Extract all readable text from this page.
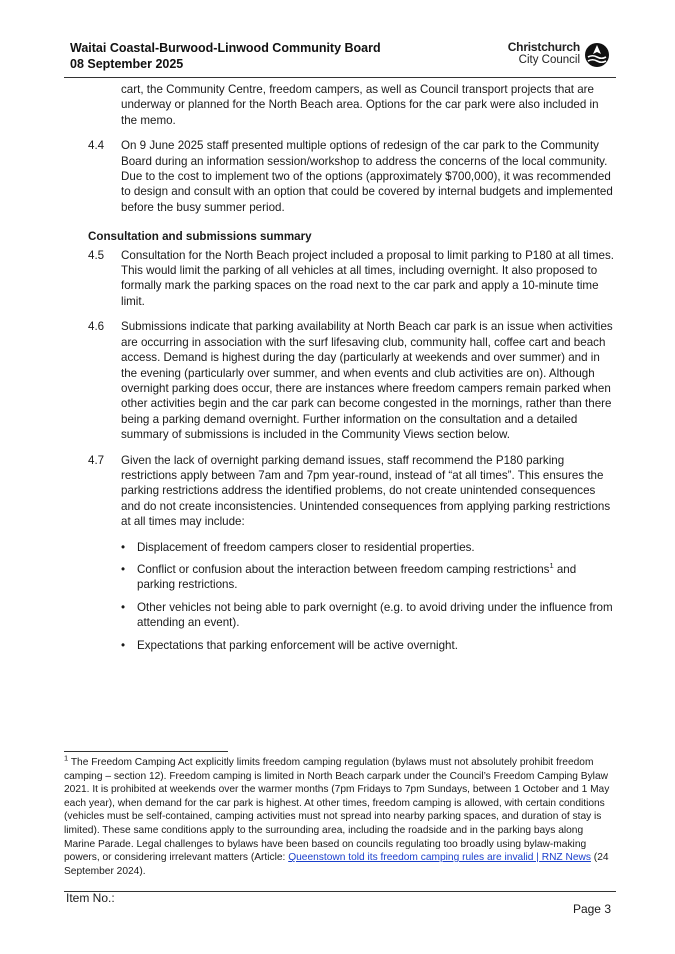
Waitai Coastal-Burwood-Linwood Community Board
08 September 2025
Christchurch
City Council

cart, the Community Centre, freedom campers, as well as Council transport projects that are underway or planned for the North Beach area. Options for the car park were also included in the memo.

4.4 On 9 June 2025 staff presented multiple options of redesign of the car park to the Community Board during an information session/workshop to address the concerns of the local community. Due to the cost to implement two of the options (approximately $700,000), it was recommended to design and consult with an option that could be covered by internal budgets and implemented before the busy summer period.
Consultation and submissions summary
4.5 Consultation for the North Beach project included a proposal to limit parking to P180 at all times. This would limit the parking of all vehicles at all times, including overnight. It also proposed to formally mark the parking spaces on the road next to the car park and apply a 10-minute time limit.
4.6 Submissions indicate that parking availability at North Beach car park is an issue when activities are occurring in association with the surf lifesaving club, community hall, coffee cart and beach access. Demand is highest during the day (particularly at weekends and over summer) and in the evening (particularly over summer, and when events and club activities are on). Although overnight parking does occur, there are instances where freedom campers remain parked when other activities begin and the car park can become congested in the mornings, rather than there being a parking demand overnight. Further information on the consultation and a detailed summary of submissions is included in the Community Views section below.
4.7 Given the lack of overnight parking demand issues, staff recommend the P180 parking restrictions apply between 7am and 7pm year-round, instead of “at all times”. This ensures the parking restrictions address the identified problems, do not create unintended consequences and do not create inconsistencies. Unintended consequences from applying parking restrictions at all times may include:
• Displacement of freedom campers closer to residential properties.
• Conflict or confusion about the interaction between freedom camping restrictions$^1$ and parking restrictions.
• Other vehicles not being able to park overnight (e.g. to avoid driving under the influence from attending an event).
• Expectations that parking enforcement will be active overnight.
$^1$ The Freedom Camping Act explicitly limits freedom camping regulation (bylaws must not absolutely prohibit freedom camping – section 12). Freedom camping is limited in North Beach carpark under the Council’s Freedom Camping Bylaw 2021. It is prohibited at weekends over the warmer months (7pm Fridays to 7pm Sundays, between 1 October and 1 May each year), when demand for the car park is highest. At other times, freedom camping is allowed, with certain conditions (vehicles must be self-contained, camping activities must not spread into nearby parking spaces, and duration of stay is limited). These same conditions apply to the surrounding area, including the roadside and in the parking bays along Marine Parade. Legal challenges to bylaws have been based on councils regulating too broadly using bylaw-making powers, or considering irrelevant matters (Article: Queenstown told its freedom camping rules are invalid | RNZ News (24 September 2024).
Item No.:
Page 3
